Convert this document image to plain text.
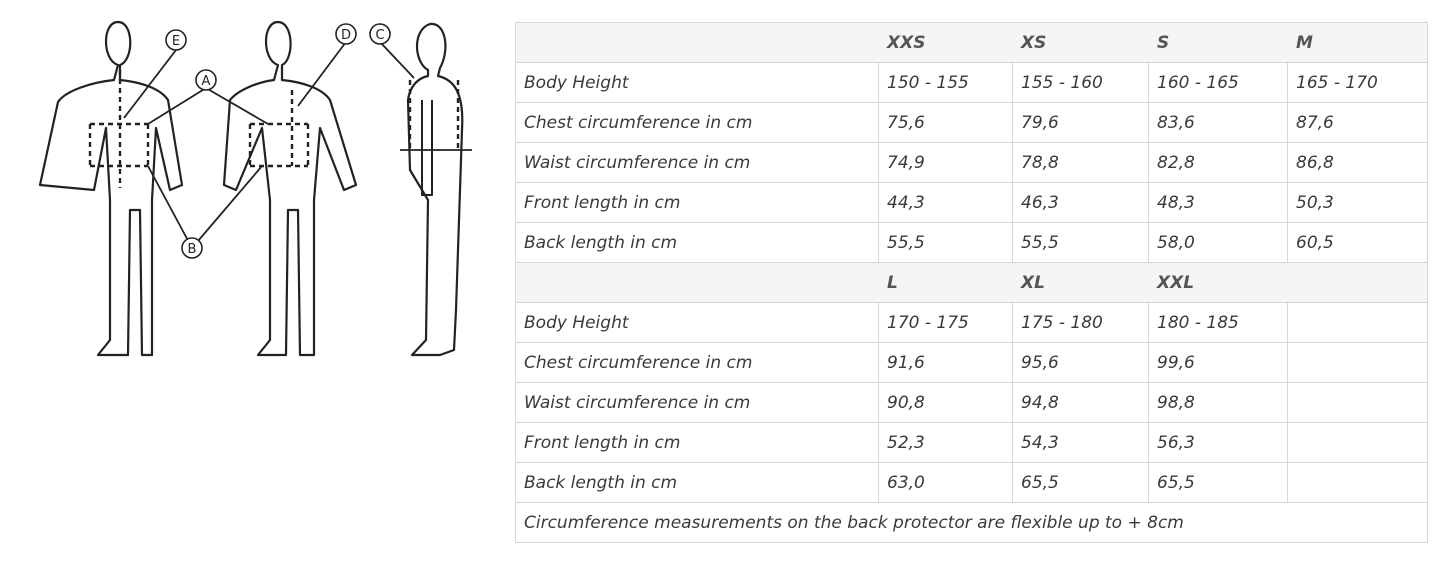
A
B
C
D
E
		XXS	XS	S	M
Body Height	150 - 155	155 - 160	160 - 165	165 - 170
Chest circumference in cm	75,6	79,6	83,6	87,6
Waist circumference in cm	74,9	78,8	82,8	86,8
Front length in cm	44,3	46,3	48,3	50,3
Back length in cm	55,5	55,5	58,0	60,5
	L	XL	XXL	
Body Height	170 - 175	175 - 180	180 - 185	
Chest circumference in cm	91,6	95,6	99,6	
Waist circumference in cm	90,8	94,8	98,8	
Front length in cm	52,3	54,3	56,3	
Back length in cm	63,0	65,5	65,5	
Circumference measurements on the back protector are flexible up to + 8cm				
